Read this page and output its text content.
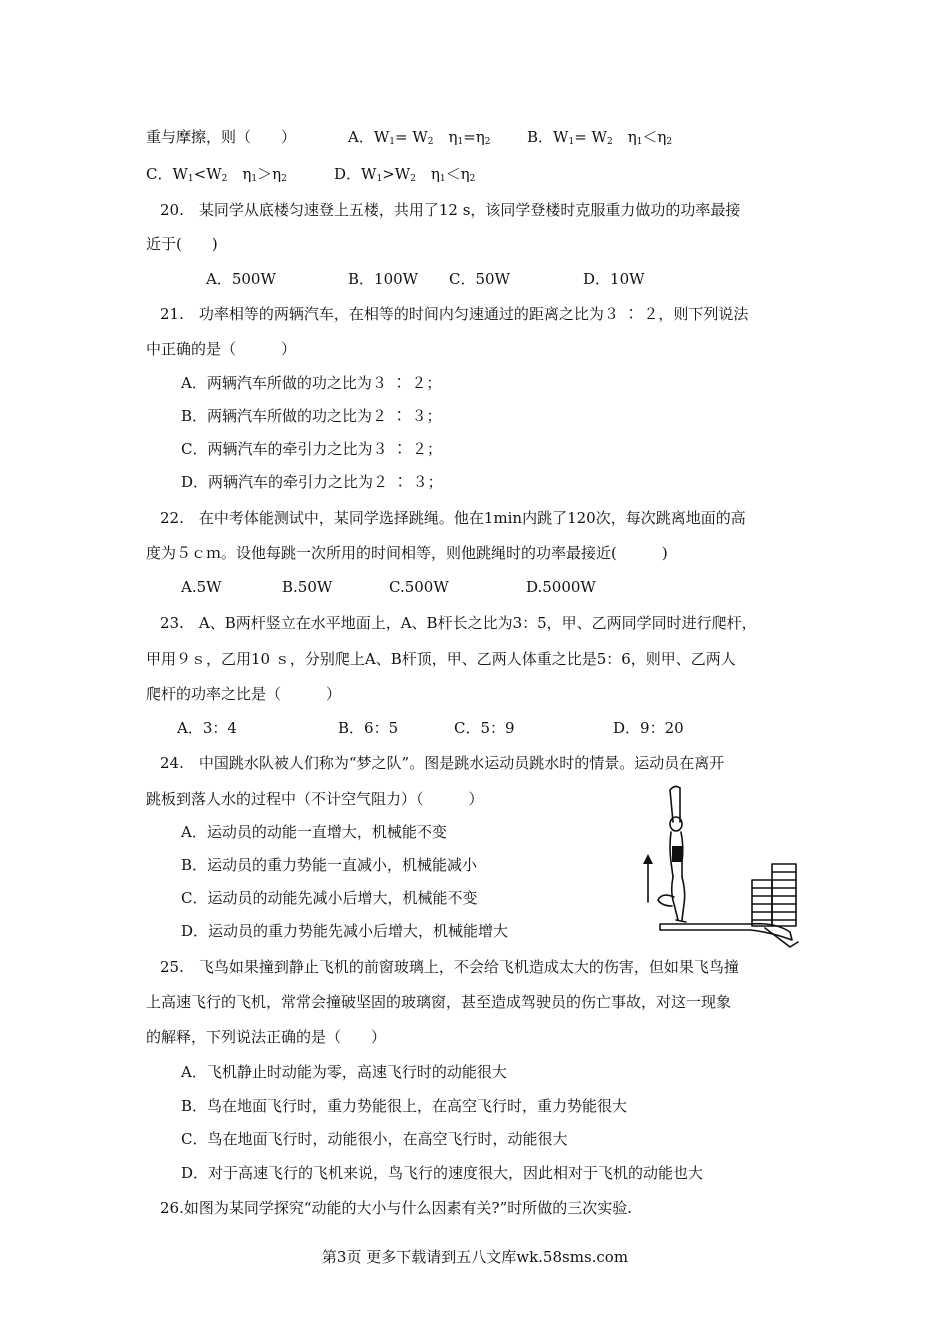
重与摩擦，则（　　）	A．$W_1= W_2$　$\eta_1=\eta_2$ B．$W_1= W_2$　$\eta_1<\eta_2$
C．$W_1<W_2$　$\eta_1>\eta_2$	D．$W_1>W_2$　$\eta_1<\eta_2$
20.　某同学从底楼匀速登上五楼，共用了12 s，该同学登楼时克服重力做功的功率最接
近于(　　)
A．500W	B．100W C．50W	D．10W
21.　功率相等的两辆汽车，在相等的时间内匀速通过的距离之比为３ ∶ ２，则下列说法
中正确的是（　　　）
A．两辆汽车所做的功之比为３ ∶ ２；
B．两辆汽车所做的功之比为２ ∶ ３；
C．两辆汽车的牵引力之比为３ ∶ ２；
D．两辆汽车的牵引力之比为２ ∶ ３；
22.　在中考体能测试中，某同学选择跳绳。他在1min内跳了120次，每次跳离地面的高
度为５ｃｍ。设他每跳一次所用的时间相等，则他跳绳时的功率最接近(　　　)
A.5W	B.50W	C.500W	D.5000W
23.　A、B两杆竖立在水平地面上，A、B杆长之比为3：5，甲、乙两同学同时进行爬杆，
甲用９ｓ，乙用10 ｓ，分别爬上A、B杆顶，甲、乙两人体重之比是5：6，则甲、乙两人
爬杆的功率之比是（　　　）
A．3：4	B．6：5	C．5：9	D．9：20
24.　中国跳水队被人们称为“梦之队”。图是跳水运动员跳水时的情景。运动员在离开
跳板到落人水的过程中（不计空气阻力）（　　　）
A．运动员的动能一直增大，机械能不变
B．运动员的重力势能一直减小，机械能减小
C．运动员的动能先减小后增大，机械能不变
D．运动员的重力势能先减小后增大，机械能增大
25.　飞鸟如果撞到静止飞机的前窗玻璃上，不会给飞机造成太大的伤害，但如果飞鸟撞
上高速飞行的飞机，常常会撞破坚固的玻璃窗，甚至造成驾驶员的伤亡事故，对这一现象
的解释，下列说法正确的是（　　）
A．飞机静止时动能为零，高速飞行时的动能很大
B．鸟在地面飞行时，重力势能很上，在高空飞行时，重力势能很大
C．鸟在地面飞行时，动能很小，在高空飞行时，动能很大
D．对于高速飞行的飞机来说，鸟飞行的速度很大，因此相对于飞机的动能也大
26.如图为某同学探究“动能的大小与什么因素有关?”时所做的三次实验.
第3页 更多下载请到五八文库wk.58sms.com
